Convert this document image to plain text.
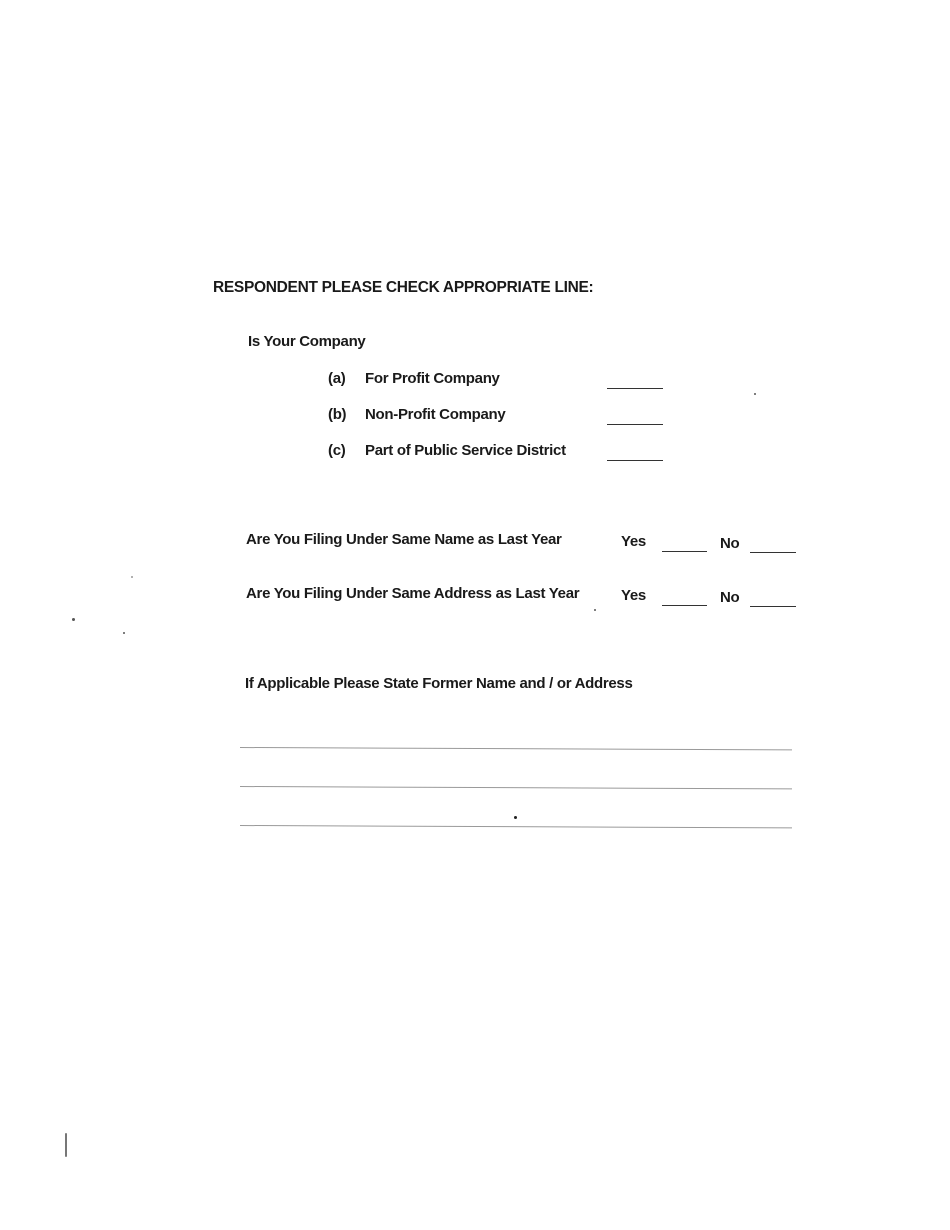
RESPONDENT PLEASE CHECK APPROPRIATE LINE:
Is Your Company
(a) For Profit Company
(b) Non-Profit Company
(c) Part of Public Service District
Are You Filing Under Same Name as Last Year	Yes	No
Are You Filing Under Same Address as Last Year	Yes	No
If Applicable Please State Former Name and / or Address
